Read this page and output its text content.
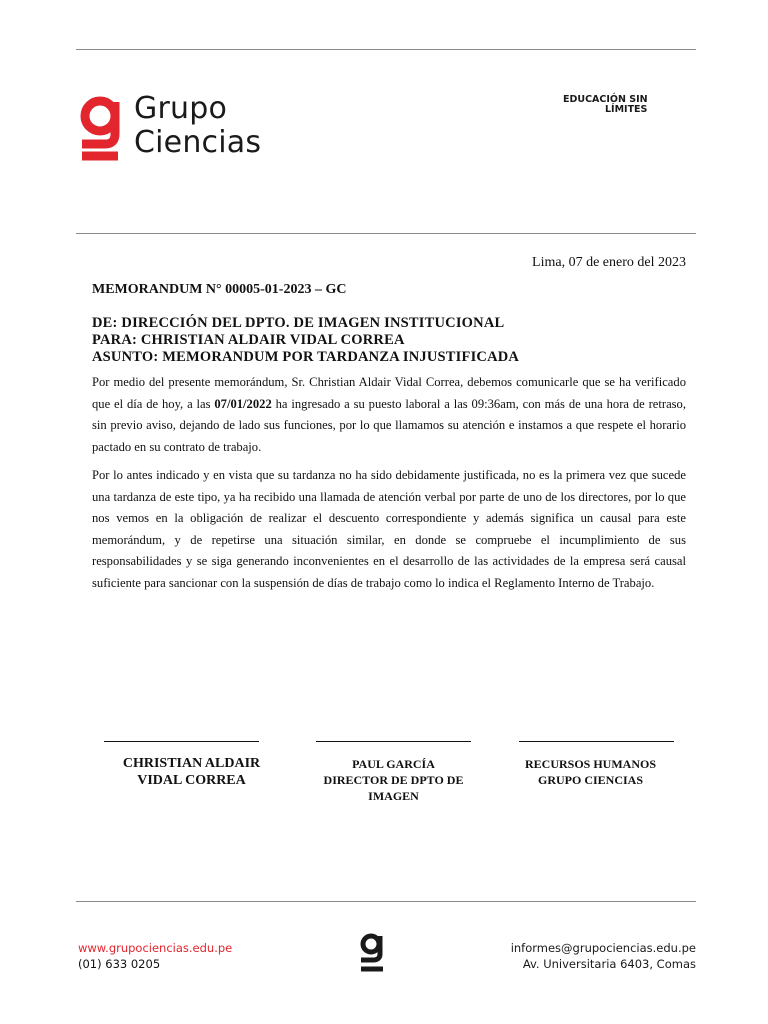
Grupo
Ciencias
EDUCACIÓN SIN
LÍMITES
Lima, 07 de enero del 2023
MEMORANDUM N° 00005-01-2023 – GC
DE: DIRECCIÓN DEL DPTO. DE IMAGEN INSTITUCIONAL
PARA: CHRISTIAN ALDAIR VIDAL CORREA
ASUNTO: MEMORANDUM POR TARDANZA INJUSTIFICADA
Por medio del presente memorándum, Sr. Christian Aldair Vidal Correa, debemos comunicarle que se ha verificado que el día de hoy, a las 07/01/2022 ha ingresado a su puesto laboral a las 09:36am, con más de una hora de retraso, sin previo aviso, dejando de lado sus funciones, por lo que llamamos su atención e instamos a que respete el horario pactado en su contrato de trabajo.
Por lo antes indicado y en vista que su tardanza no ha sido debidamente justificada, no es la primera vez que sucede una tardanza de este tipo, ya ha recibido una llamada de atención verbal por parte de uno de los directores, por lo que nos vemos en la obligación de realizar el descuento correspondiente y además significa un causal para este memorándum, y de repetirse una situación similar, en donde se compruebe el incumplimiento de sus responsabilidades y se siga generando inconvenientes en el desarrollo de las actividades de la empresa será causal suficiente para sancionar con la suspensión de días de trabajo como lo indica el Reglamento Interno de Trabajo.
CHRISTIAN ALDAIR
VIDAL CORREA
PAUL GARCÍA
DIRECTOR DE DPTO DE
IMAGEN
RECURSOS HUMANOS
GRUPO CIENCIAS
www.grupociencias.edu.pe
(01) 633 0205
informes@grupociencias.edu.pe
Av. Universitaria 6403, Comas
